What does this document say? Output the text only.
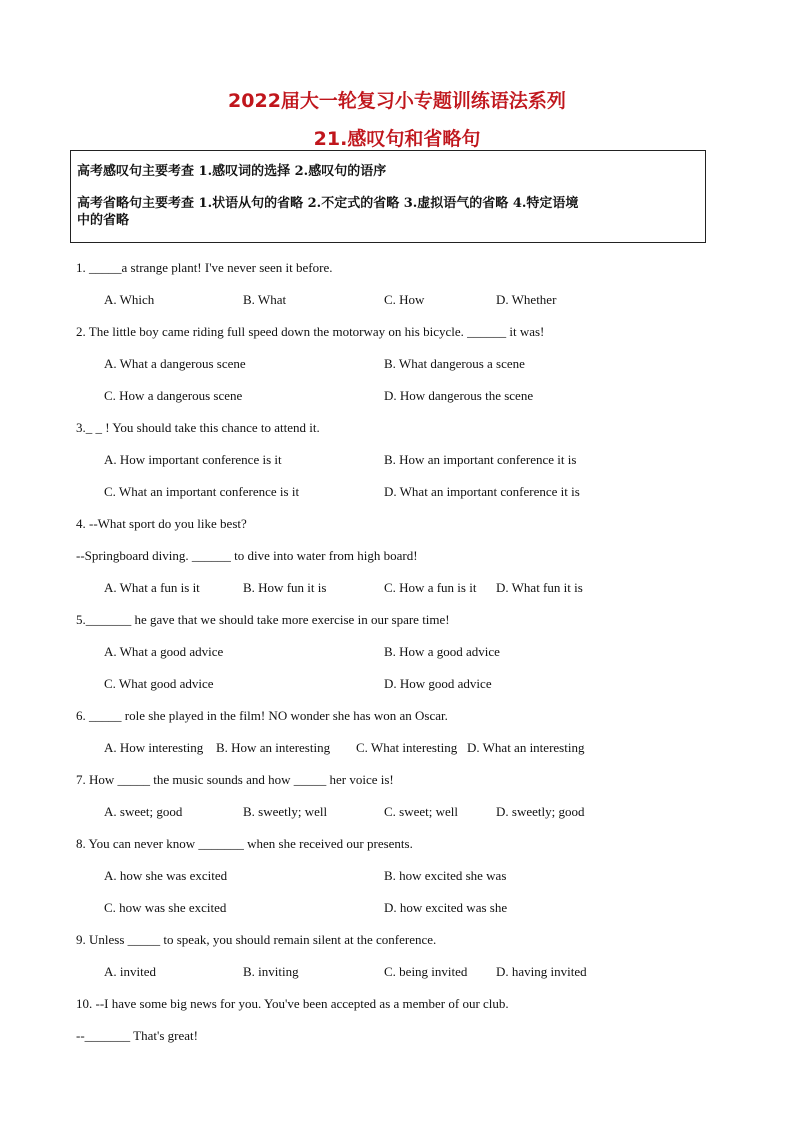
2022届大一轮复习小专题训练语法系列
21.感叹句和省略句

高考感叹句主要考查 1.感叹词的选择 2.感叹句的语序

高考省略句主要考查 1.状语从句的省略 2.不定式的省略 3.虚拟语气的省略 4.特定语境

中的省略

1. _____a strange plant! I've never seen it before.
A. Which	B. What	C. How	D. Whether
2. The little boy came riding full speed down the motorway on his bicycle. ______ it was!
A. What a dangerous scene	B. What dangerous a scene
C. How a dangerous scene	D. How dangerous the scene
3._ _ ! You should take this chance to attend it.
A. How important conference is it	B. How an important conference it is
C. What an important conference is it	D. What an important conference it is
4. --What sport do you like best?
--Springboard diving. ______ to dive into water from high board!
A. What a fun is it	B. How fun it is	C. How a fun is it D. What fun it is
5._______ he gave that we should take more exercise in our spare time!
A. What a good advice	B. How a good advice
C. What good advice	D. How good advice
6. _____ role she played in the film! NO wonder she has won an Oscar.
A. How interesting B. How an interesting C. What interesting D. What an interesting
7. How _____ the music sounds and how _____ her voice is!
A. sweet; good	B. sweetly; well	C. sweet; well	D. sweetly; good
8. You can never know _______ when she received our presents.
A. how she was excited	B. how excited she was
C. how was she excited	D. how excited was she
9. Unless _____ to speak, you should remain silent at the conference.
A. invited	B. inviting	C. being invited D. having invited
10. --I have some big news for you. You've been accepted as a member of our club.
--_______ That's great!
